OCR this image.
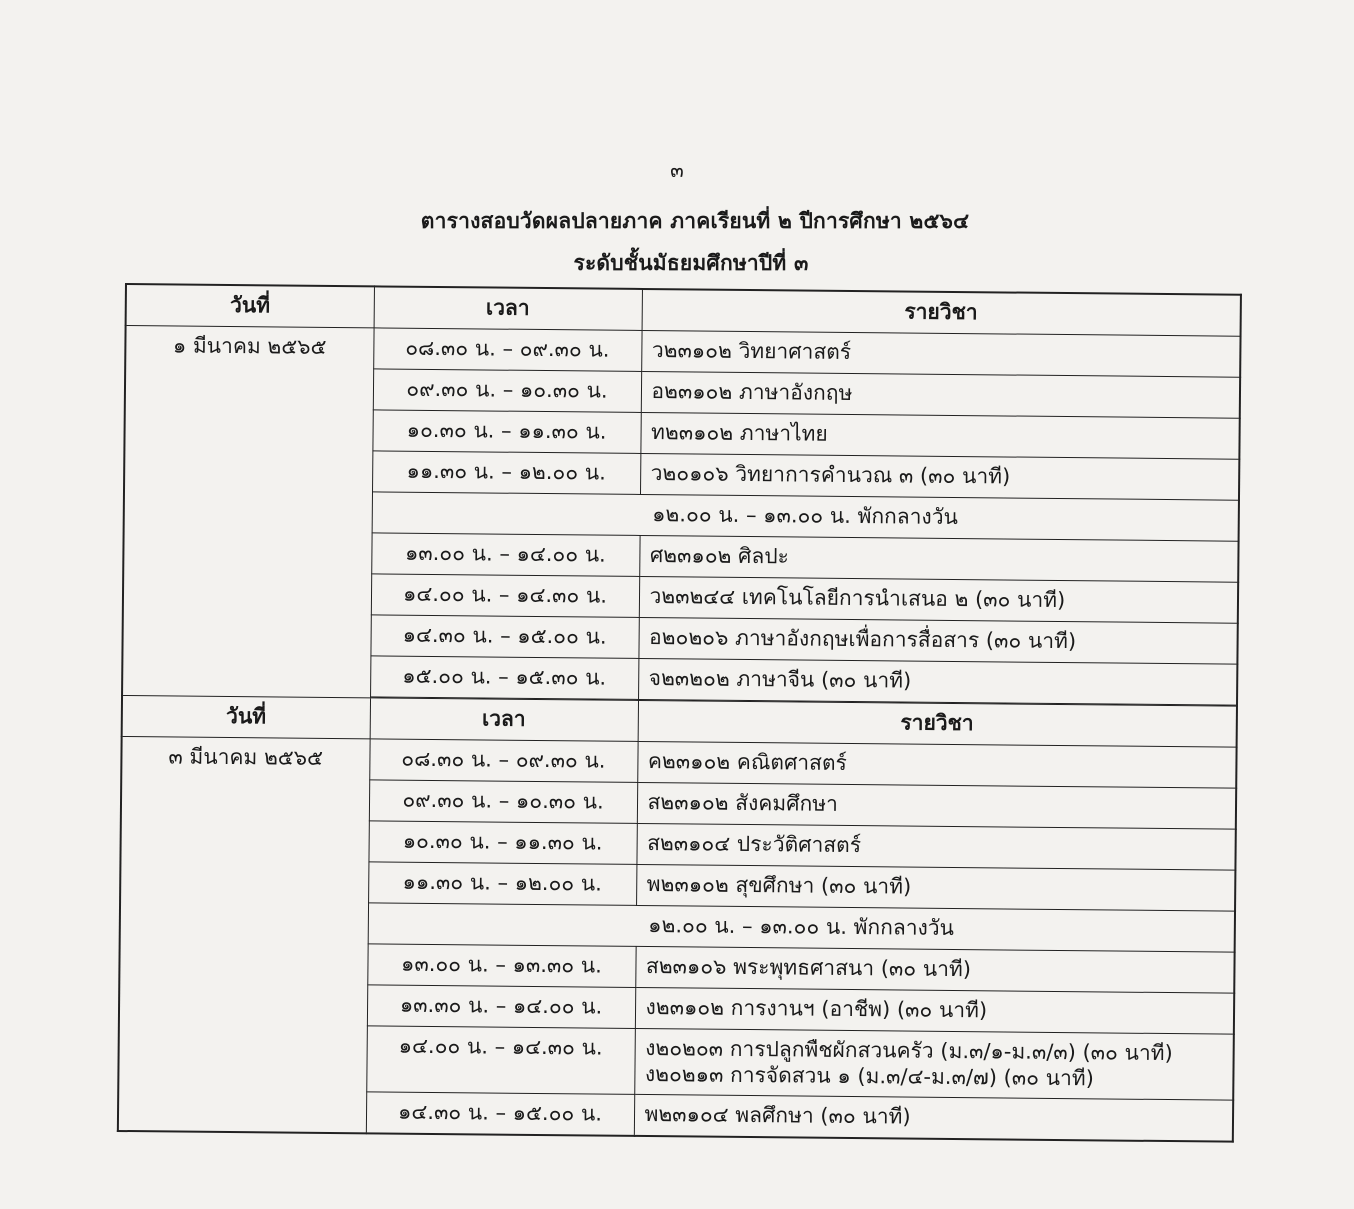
๓
ตารางสอบวัดผลปลายภาค ภาคเรียนที่ ๒ ปีการศึกษา ๒๕๖๔
ระดับชั้นมัธยมศึกษาปีที่ ๓
วันที่	เวลา	รายวิชา
๑ มีนาคม ๒๕๖๕	๐๘.๓๐ น. – ๐๙.๓๐ น.	ว๒๓๑๐๒ วิทยาศาสตร์
	๐๙.๓๐ น. – ๑๐.๓๐ น.	อ๒๓๑๐๒ ภาษาอังกฤษ
	๑๐.๓๐ น. – ๑๑.๓๐ น.	ท๒๓๑๐๒ ภาษาไทย
	๑๑.๓๐ น. – ๑๒.๐๐ น.	ว๒๐๑๐๖ วิทยาการคำนวณ ๓ (๓๐ นาที)
	๑๒.๐๐ น. – ๑๓.๐๐ น. พักกลางวัน	
	๑๓.๐๐ น. – ๑๔.๐๐ น.	ศ๒๓๑๐๒ ศิลปะ
	๑๔.๐๐ น. – ๑๔.๓๐ น.	ว๒๓๒๔๔ เทคโนโลยีการนำเสนอ ๒ (๓๐ นาที)
	๑๔.๓๐ น. – ๑๕.๐๐ น.	อ๒๐๒๐๖ ภาษาอังกฤษเพื่อการสื่อสาร (๓๐ นาที)
	๑๕.๐๐ น. – ๑๕.๓๐ น.	จ๒๓๒๐๒ ภาษาจีน (๓๐ นาที)

วันที่	เวลา	รายวิชา
๓ มีนาคม ๒๕๖๕	๐๘.๓๐ น. – ๐๙.๓๐ น.	ค๒๓๑๐๒ คณิตศาสตร์
	๐๙.๓๐ น. – ๑๐.๓๐ น.	ส๒๓๑๐๒ สังคมศึกษา
	๑๐.๓๐ น. – ๑๑.๓๐ น.	ส๒๓๑๐๔ ประวัติศาสตร์
	๑๑.๓๐ น. – ๑๒.๐๐ น.	พ๒๓๑๐๒ สุขศึกษา (๓๐ นาที)
	๑๒.๐๐ น. – ๑๓.๐๐ น. พักกลางวัน	
	๑๓.๐๐ น. – ๑๓.๓๐ น.	ส๒๓๑๐๖ พระพุทธศาสนา (๓๐ นาที)
	๑๓.๓๐ น. – ๑๔.๐๐ น.	ง๒๓๑๐๒ การงานฯ (อาชีพ) (๓๐ นาที)
	๑๔.๐๐ น. – ๑๔.๓๐ น.	ง๒๐๒๐๓ การปลูกพืชผักสวนครัว (ม.๓/๑-ม.๓/๓) (๓๐ นาที)
ง๒๐๒๑๓ การจัดสวน ๑ (ม.๓/๔-ม.๓/๗) (๓๐ นาที)

	๑๔.๓๐ น. – ๑๕.๐๐ น.	พ๒๓๑๐๔ พลศึกษา (๓๐ นาที)
